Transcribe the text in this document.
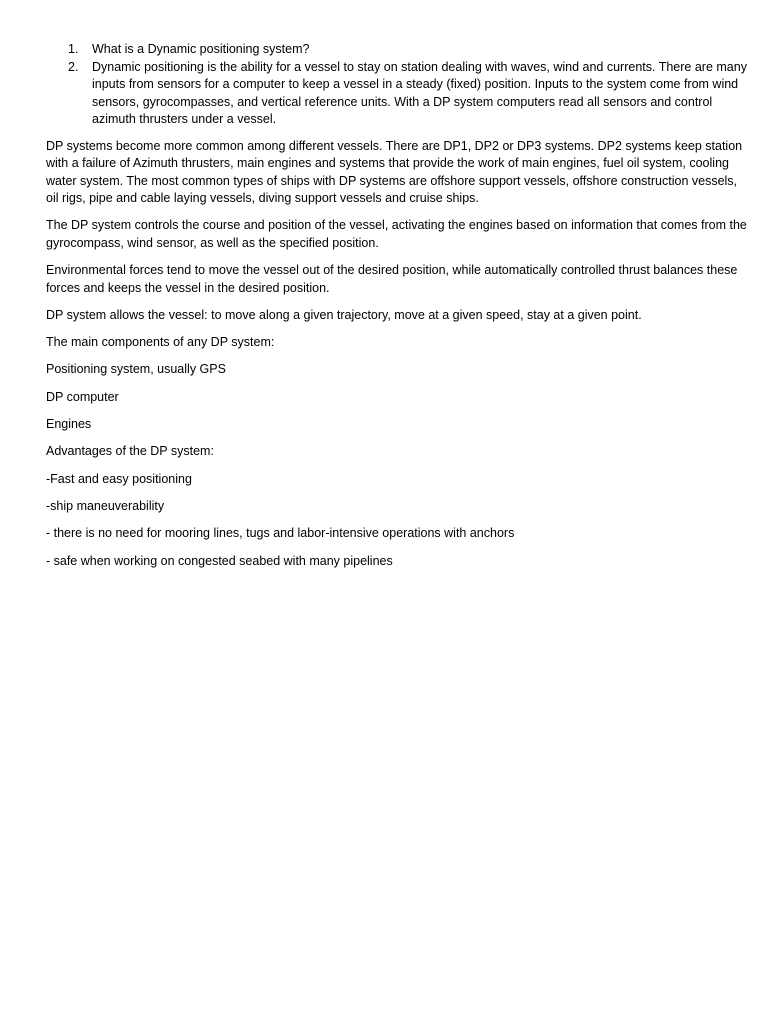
1. What is a Dynamic positioning system?
2. Dynamic positioning is the ability for a vessel to stay on station dealing with waves, wind and currents. There are many inputs from sensors for a computer to keep a vessel in a steady (fixed) position. Inputs to the system come from wind sensors, gyrocompasses, and vertical reference units. With a DP system computers read all sensors and control azimuth thrusters under a vessel.

DP systems become more common among different vessels. There are DP1, DP2 or DP3 systems. DP2 systems keep station with a failure of Azimuth thrusters, main engines and systems that provide the work of main engines, fuel oil system, cooling water system. The most common types of ships with DP systems are offshore support vessels, offshore construction vessels, oil rigs, pipe and cable laying vessels, diving support vessels and cruise ships.

The DP system controls the course and position of the vessel, activating the engines based on information that comes from the gyrocompass, wind sensor, as well as the specified position.

Environmental forces tend to move the vessel out of the desired position, while automatically controlled thrust balances these forces and keeps the vessel in the desired position.

DP system allows the vessel: to move along a given trajectory, move at a given speed, stay at a given point.

The main components of any DP system:

Positioning system, usually GPS

DP computer

Engines

Advantages of the DP system:

-Fast and easy positioning

-ship maneuverability

- there is no need for mooring lines, tugs and labor-intensive operations with anchors

- safe when working on congested seabed with many pipelines
